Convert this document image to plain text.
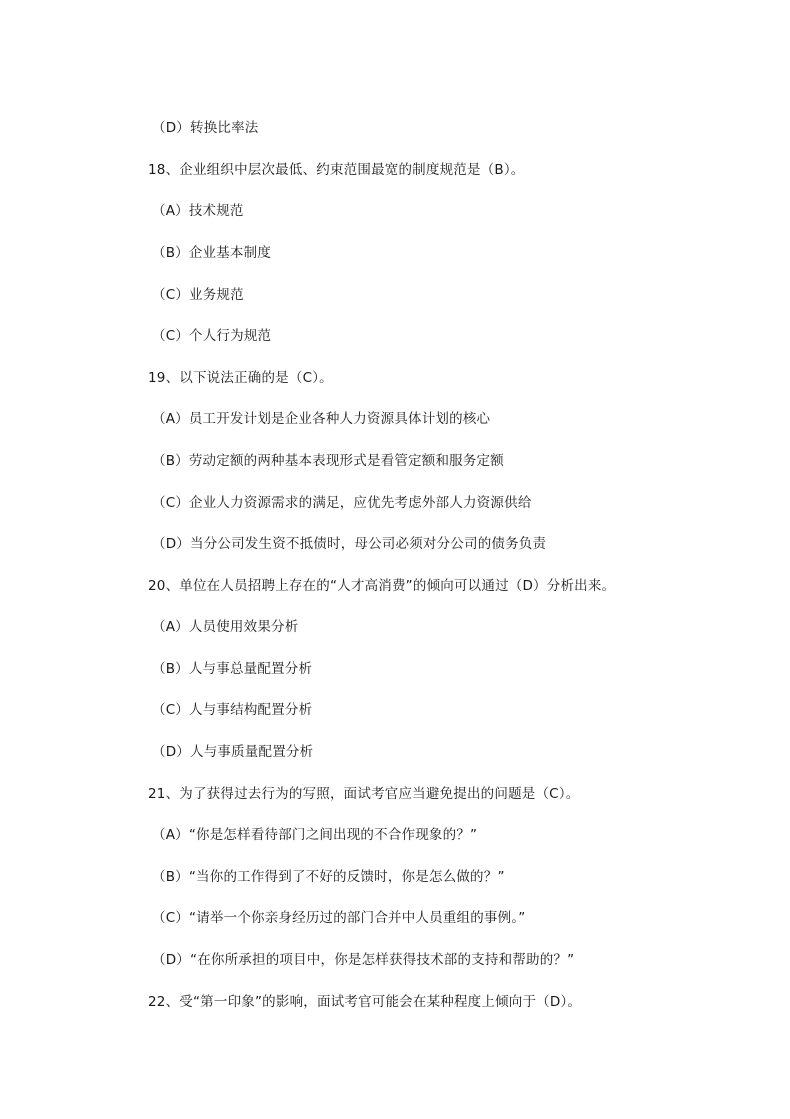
（D）转换比率法
18、企业组织中层次最低、约束范围最宽的制度规范是（B）。
（A）技术规范
（B）企业基本制度
（C）业务规范
（C）个人行为规范
19、以下说法正确的是（C）。
（A）员工开发计划是企业各种人力资源具体计划的核心
（B）劳动定额的两种基本表现形式是看管定额和服务定额
（C）企业人力资源需求的满足，应优先考虑外部人力资源供给
（D）当分公司发生资不抵债时，母公司必须对分公司的债务负责
20、单位在人员招聘上存在的“人才高消费”的倾向可以通过（D）分析出来。
（A）人员使用效果分析
（B）人与事总量配置分析
（C）人与事结构配置分析
（D）人与事质量配置分析
21、为了获得过去行为的写照，面试考官应当避免提出的问题是（C）。
（A）“你是怎样看待部门之间出现的不合作现象的？”
（B）“当你的工作得到了不好的反馈时，你是怎么做的？”
（C）“请举一个你亲身经历过的部门合并中人员重组的事例。”
（D）“在你所承担的项目中，你是怎样获得技术部的支持和帮助的？”
22、受“第一印象”的影响，面试考官可能会在某种程度上倾向于（D）。
